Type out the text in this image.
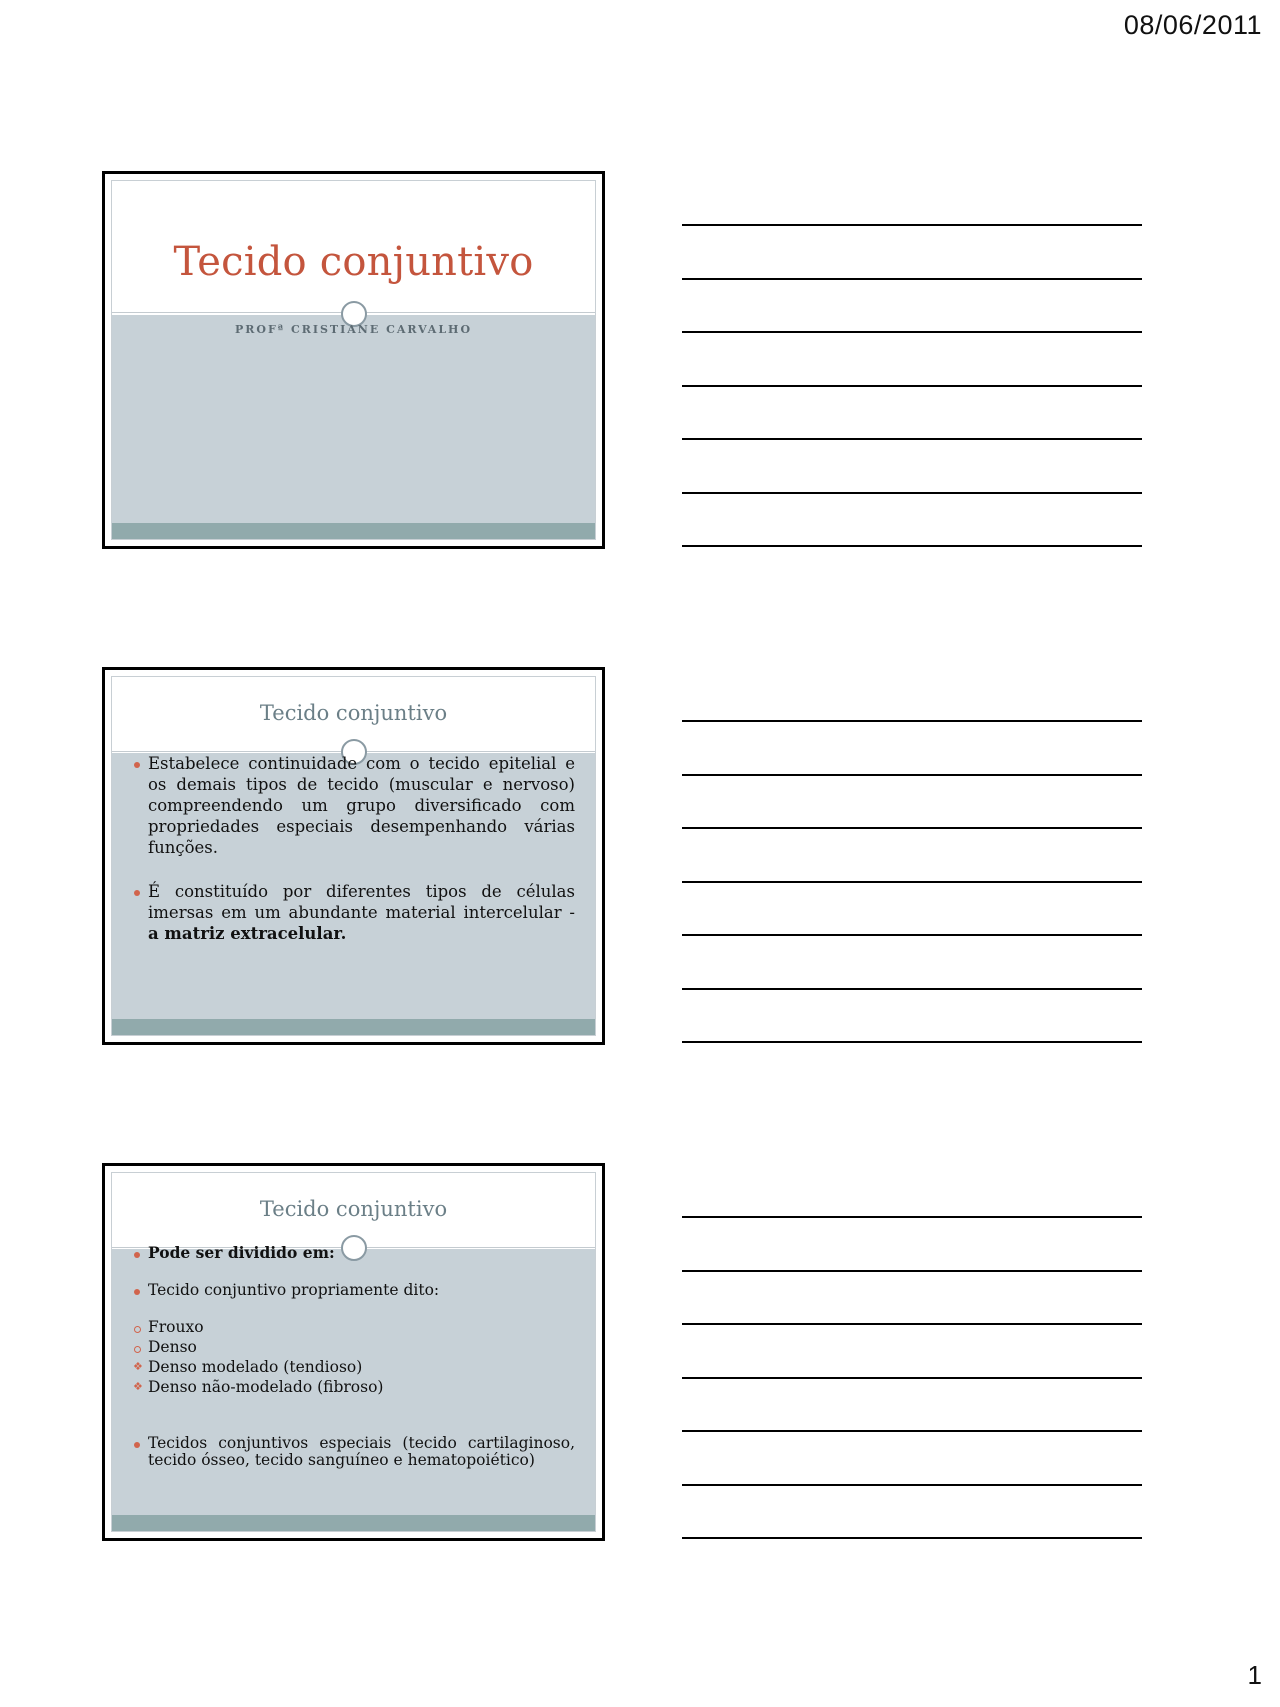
08/06/2011
Tecido conjuntivo
PROFª CRISTIANE CARVALHO
Tecido conjuntivo
Estabelece continuidade com o tecido epitelial e os demais tipos de tecido (muscular e nervoso) compreendendo um grupo diversificado com propriedades especiais desempenhando várias funções.
É constituído por diferentes tipos de células imersas em um abundante material intercelular - a matriz extracelular.
Tecido conjuntivo
Pode ser dividido em:
Tecido conjuntivo propriamente dito:
Frouxo
Denso
❖ Denso modelado (tendioso)
❖ Denso não-modelado (fibroso)
Tecidos conjuntivos especiais (tecido cartilaginoso, tecido ósseo, tecido sanguíneo e hematopoiético)
1
